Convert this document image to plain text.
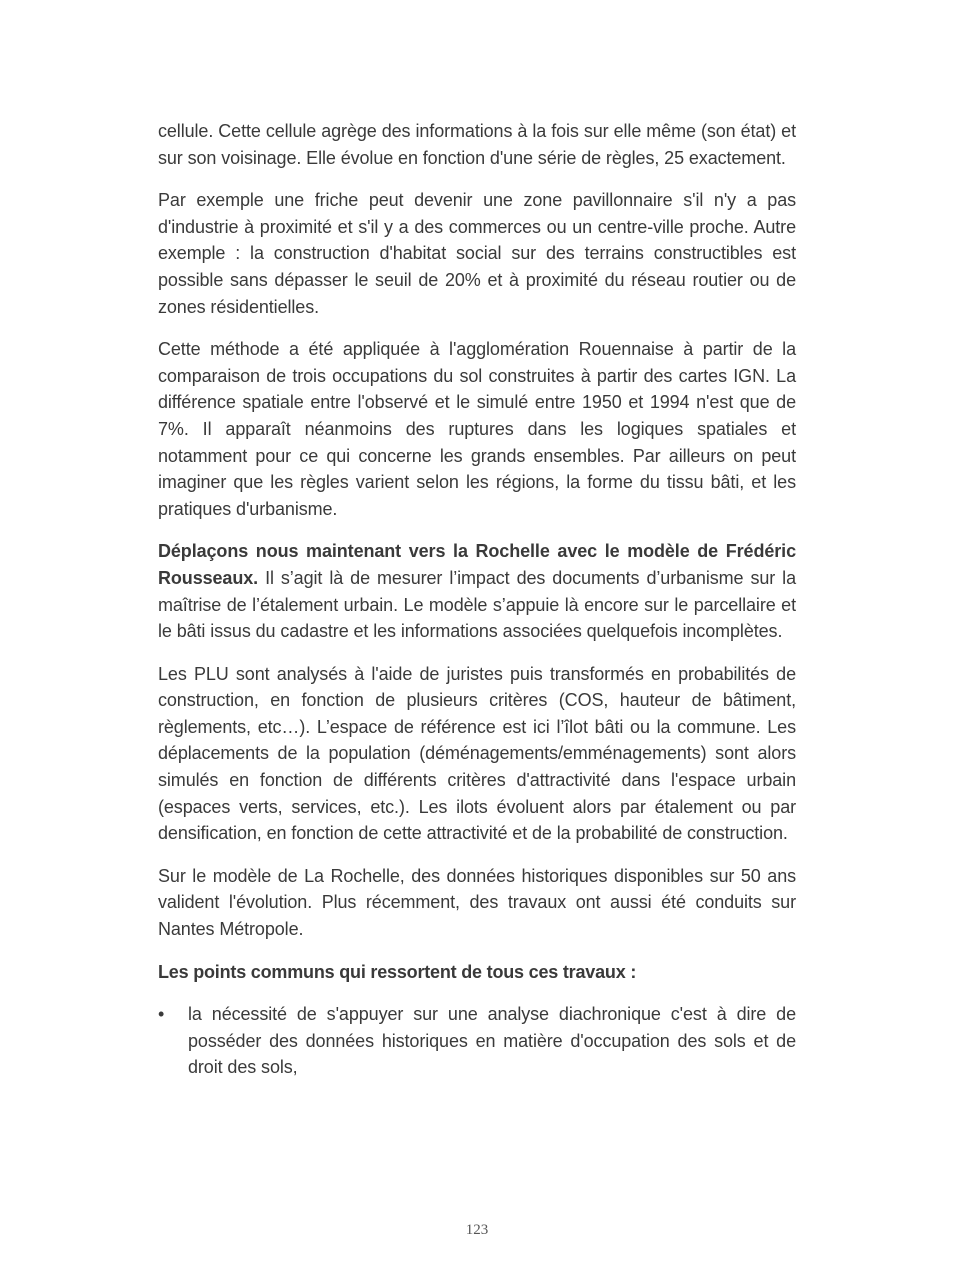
cellule. Cette cellule agrège des informations à la fois sur elle même (son état) et sur son voisinage. Elle évolue en fonction d'une série de règles, 25 exactement.

Par exemple une friche peut devenir une zone pavillonnaire s'il n'y a pas d'industrie à proximité et s'il y a des commerces ou un centre-ville proche. Autre exemple : la construction d'habitat social sur des terrains constructibles est possible sans dépasser le seuil de 20% et à proximité du réseau routier ou de zones résidentielles.

Cette méthode a été appliquée à l'agglomération Rouennaise à partir de la comparaison de trois occupations du sol construites à partir des cartes IGN. La différence spatiale entre l'observé et le simulé entre 1950 et 1994 n'est que de 7%. Il apparaît néanmoins des ruptures dans les logiques spatiales et notamment pour ce qui concerne les grands ensembles. Par ailleurs on peut imaginer que les règles varient selon les régions, la forme du tissu bâti, et les pratiques d'urbanisme.

Déplaçons nous maintenant vers la Rochelle avec le modèle de Frédéric Rousseaux. Il s’agit là de mesurer l’impact des documents d’urbanisme sur la maîtrise de l’étalement urbain. Le modèle s’appuie là encore sur le parcellaire et le bâti issus du cadastre et les informations associées quelquefois incomplètes.

Les PLU sont analysés à l'aide de juristes puis transformés en probabilités de construction, en fonction de plusieurs critères (COS, hauteur de bâtiment, règlements, etc…). L’espace de référence est ici l’îlot bâti ou la commune. Les déplacements de la population (déménagements/emménagements) sont alors simulés en fonction de différents critères d'attractivité dans l'espace urbain (espaces verts, services, etc.). Les ilots évoluent alors par étalement ou par densification, en fonction de cette attractivité et de la probabilité de construction.

Sur le modèle de La Rochelle, des données historiques disponibles sur 50 ans valident l'évolution. Plus récemment, des travaux ont aussi été conduits sur Nantes Métropole.

Les points communs qui ressortent de tous ces travaux :

• la nécessité de s'appuyer sur une analyse diachronique c'est à dire de posséder des données historiques en matière d'occupation des sols et de droit des sols,
123
